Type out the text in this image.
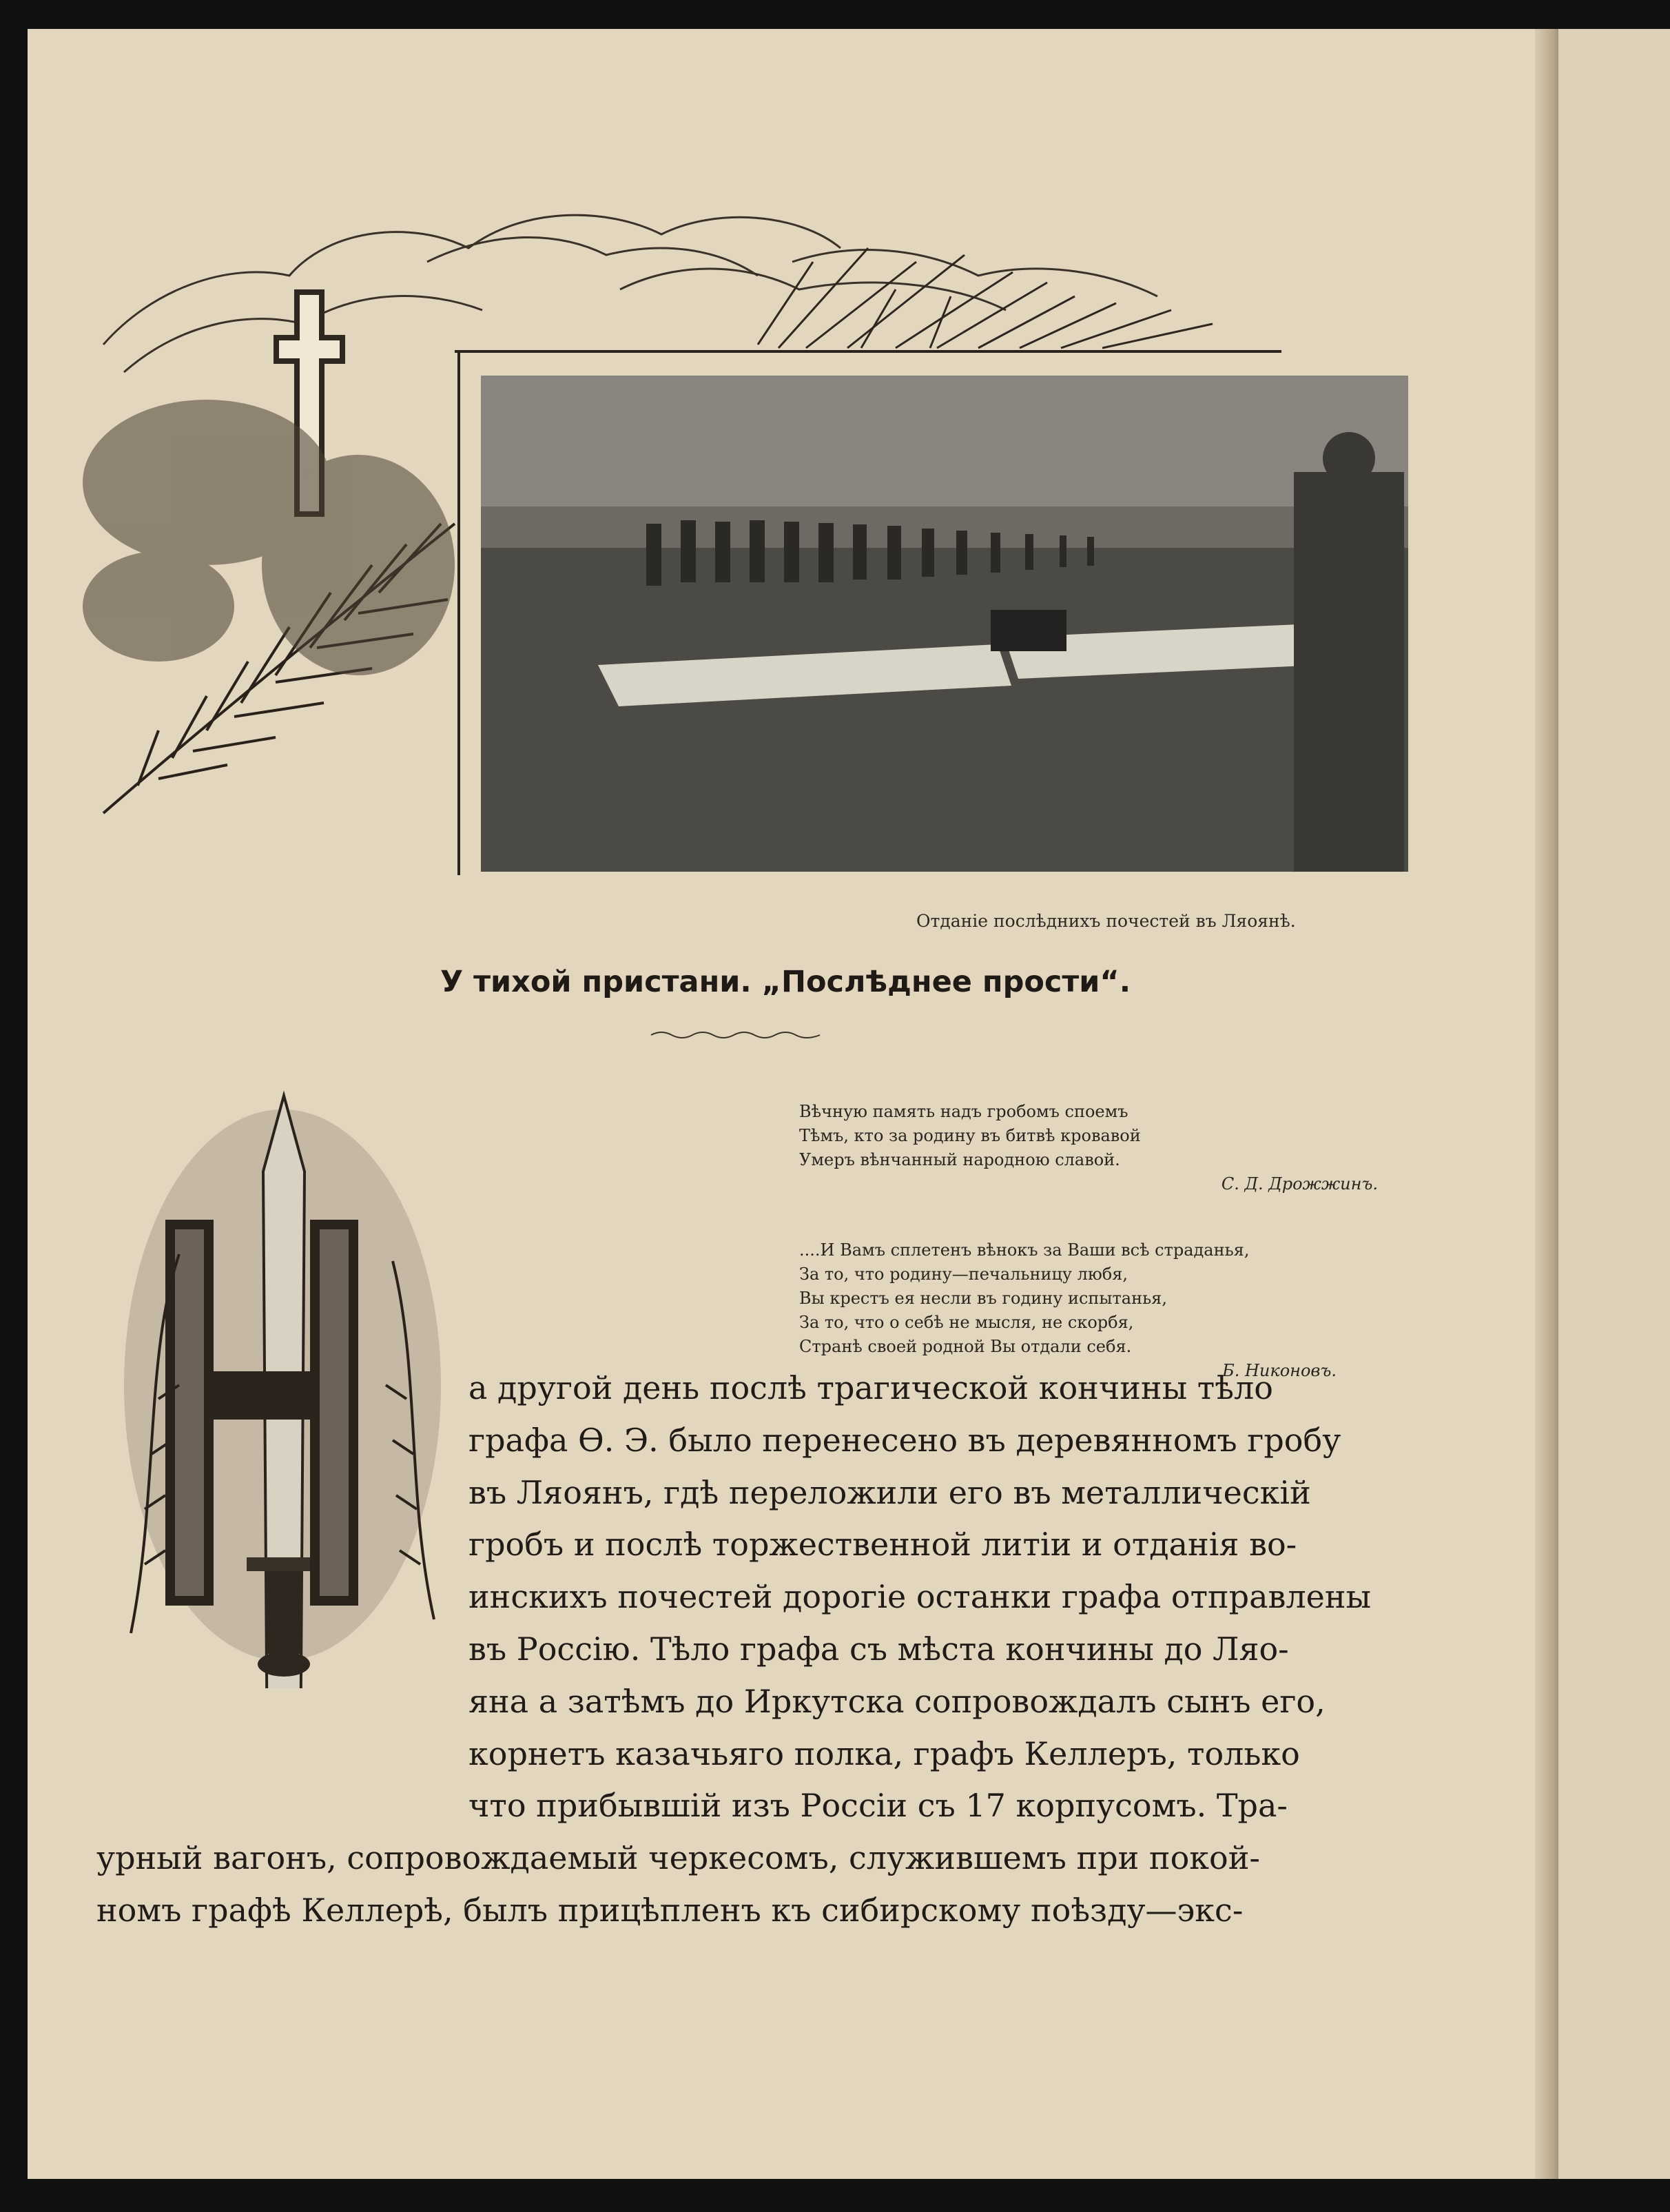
Отданіе послѣднихъ почестей въ Ляоянѣ.
У тихой пристани. „Послѣднее прости“.
Вѣчную память надъ гробомъ споемъ
Тѣмъ, кто за родину въ битвѣ кровавой
Умеръ вѣнчанный народною славой.
С. Д. Дрожжинъ.
....И Вамъ сплетенъ вѣнокъ за Ваши всѣ страданья,
За то, что родину—печальницу любя,
Вы крестъ ея несли въ годину испытанья,
За то, что о себѣ не мысля, не скорбя,
Странѣ своей родной Вы отдали себя.
Б. Никоновъ.
а другой день послѣ трагической кончины тѣло
графа Ѳ. Э. было перенесено въ деревянномъ гробу
въ Ляоянъ, гдѣ переложили его въ металлическій
гробъ и послѣ торжественной литіи и отданія во-
инскихъ почестей дорогіе останки графа отправлены
въ Россію. Тѣло графа съ мѣста кончины до Ляо-
яна а затѣмъ до Иркутска сопровождалъ сынъ его,
корнетъ казачьяго полка, графъ Келлеръ, только
что прибывшій изъ Россіи съ 17 корпусомъ. Тра-
урный вагонъ, сопровождаемый черкесомъ, служившемъ при покой-
номъ графѣ Келлерѣ, былъ прицѣпленъ къ сибирскому поѣзду—экс-
